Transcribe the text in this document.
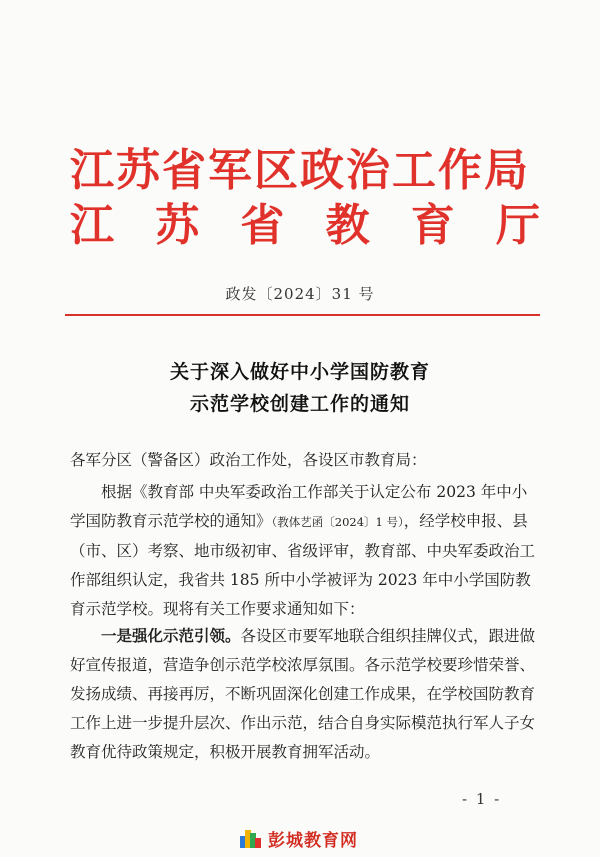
江苏省军区政治工作局
江 苏 省 教 育 厅
政发〔2024〕31 号
关于深入做好中小学国防教育
示范学校创建工作的通知
各军分区（警备区）政治工作处，各设区市教育局：

根据《教育部 中央军委政治工作部关于认定公布 2023 年中小学国防教育示范学校的通知》（教体艺函〔2024〕1 号），经学校申报、县（市、区）考察、地市级初审、省级评审，教育部、中央军委政治工作部组织认定，我省共 185 所中小学被评为 2023 年中小学国防教育示范学校。现将有关工作要求通知如下：

一是强化示范引领。各设区市要军地联合组织挂牌仪式，跟进做好宣传报道，营造争创示范学校浓厚氛围。各示范学校要珍惜荣誉、发扬成绩、再接再厉，不断巩固深化创建工作成果，在学校国防教育工作上进一步提升层次、作出示范，结合自身实际模范执行军人子女教育优待政策规定，积极开展教育拥军活动。

- 1 -
彭城教育网
